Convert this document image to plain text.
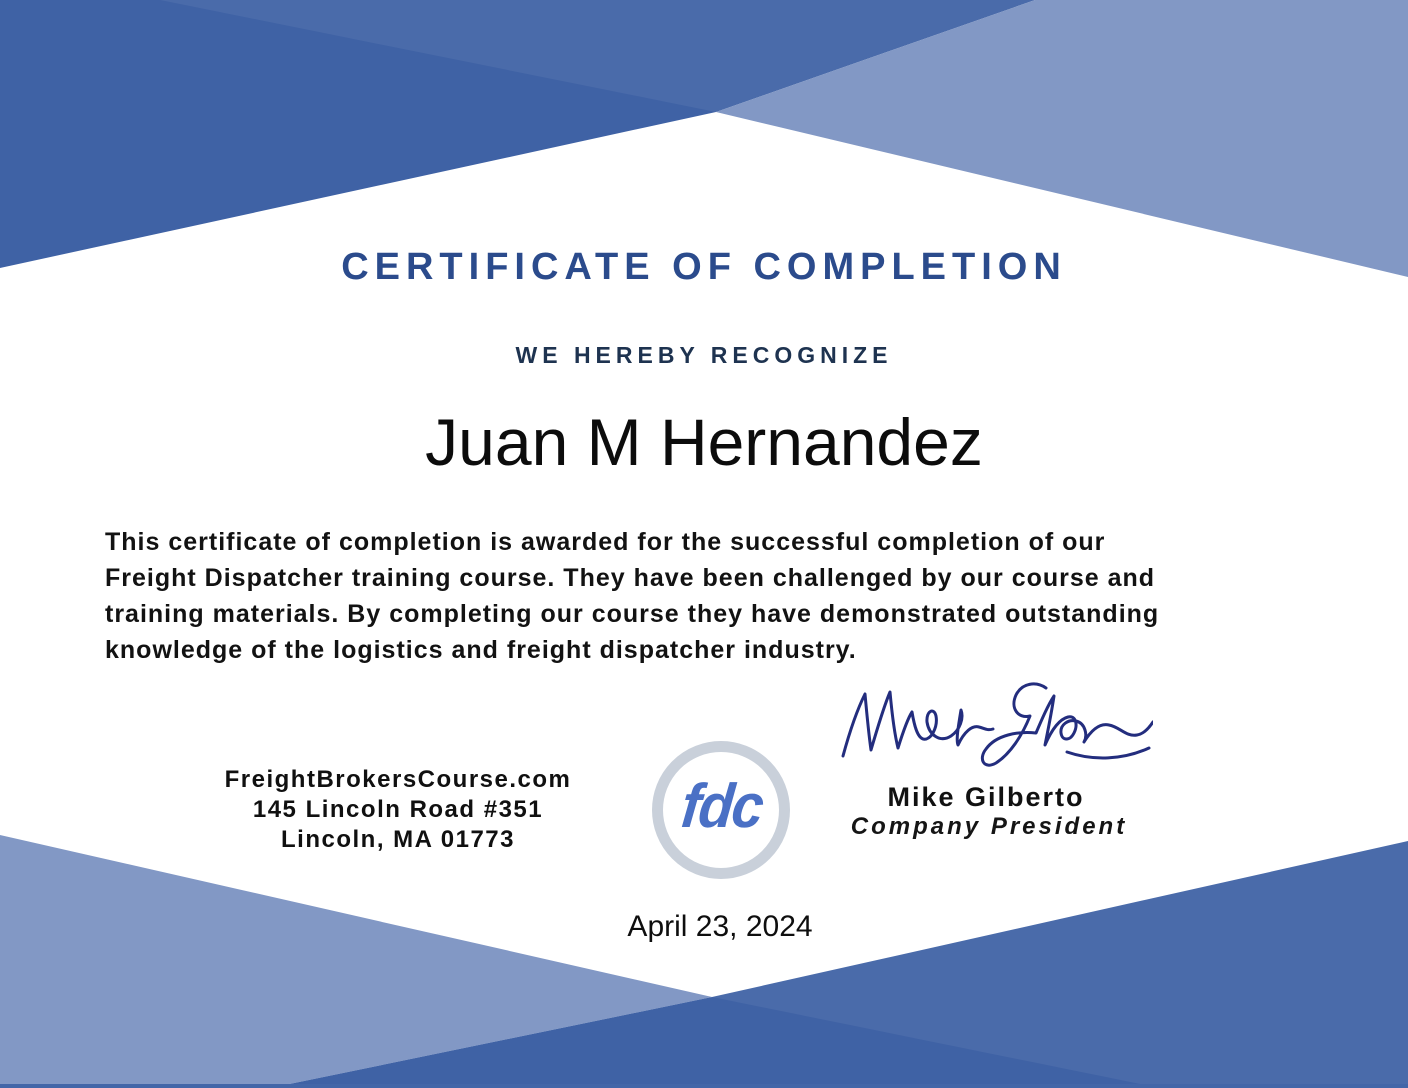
CERTIFICATE OF COMPLETION
WE HEREBY RECOGNIZE
Juan M Hernandez
This certificate of completion is awarded for the successful completion of our
Freight Dispatcher training course. They have been challenged by our course and
training materials. By completing our course they have demonstrated outstanding
knowledge of the logistics and freight dispatcher industry.
FreightBrokersCourse.com
145 Lincoln Road #351
Lincoln, MA 01773	fdc	Mike Gilberto
Company President
April 23, 2024
